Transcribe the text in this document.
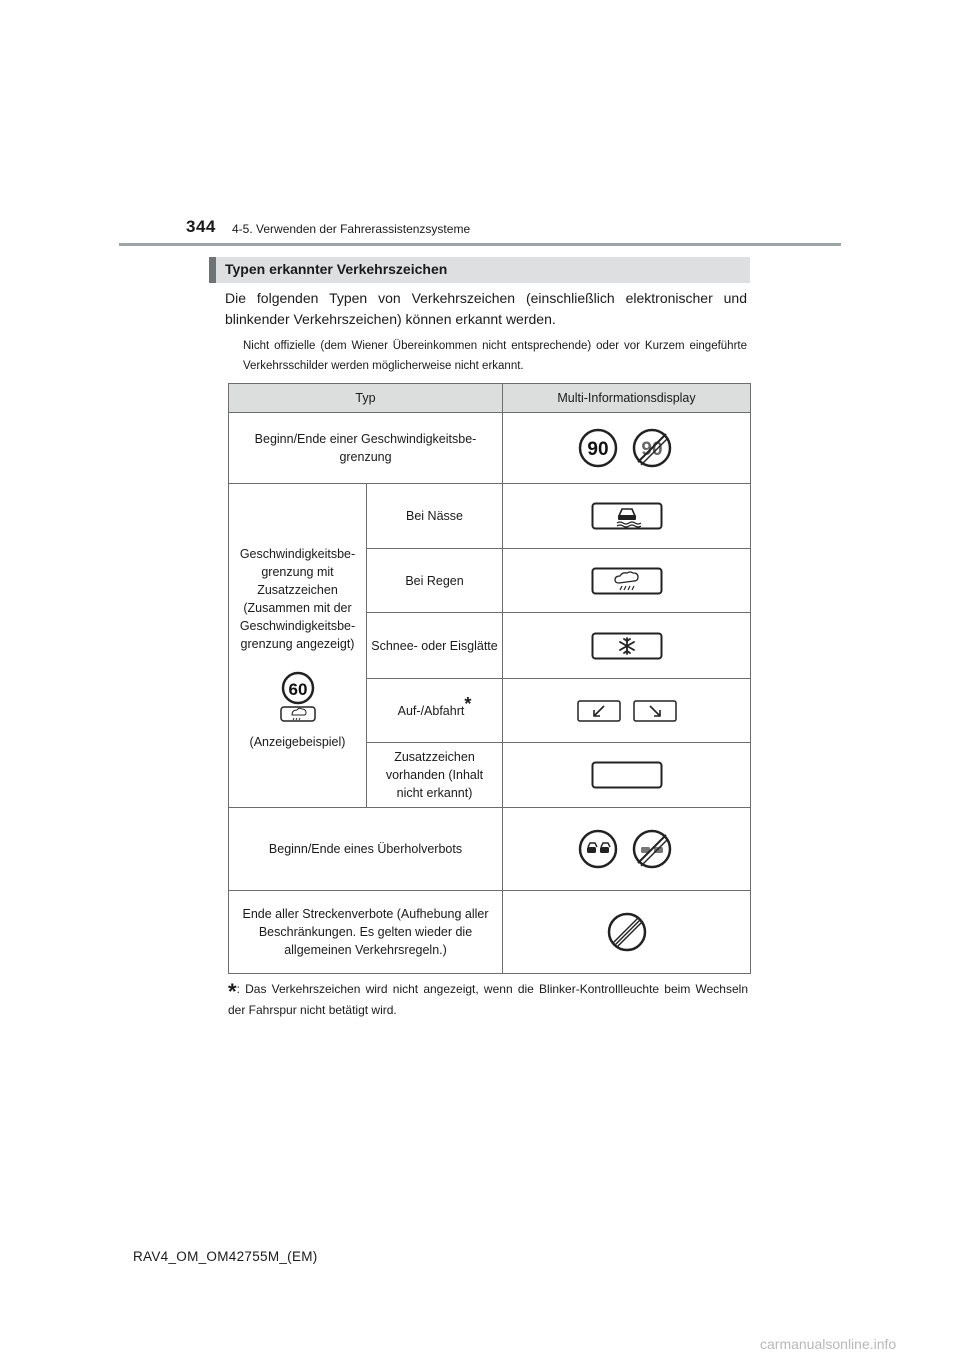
344 4-5. Verwenden der Fahrerassistenzsysteme
Typen erkannter Verkehrszeichen
Die folgenden Typen von Verkehrszeichen (einschließlich elektronischer und blinkender Verkehrszeichen) können erkannt werden.
Nicht offizielle (dem Wiener Übereinkommen nicht entsprechende) oder vor Kurzem eingeführte Verkehrsschilder werden möglicherweise nicht erkannt.
Typ		Multi-Informationsdisplay
Beginn/Ende einer Geschwindigkeitsbe-grenzung		90 90

Geschwindigkeitsbe-grenzung mit Zusatzzeichen (Zusammen mit der Geschwindigkeitsbe-grenzung angezeigt)
60
(Anzeigebeispiel)	Bei Nässe	

	Bei Regen	

	Schnee- oder Eisglätte	

	Auf-/Abfahrt*	

	Zusatzzeichen vorhanden (Inhalt nicht erkannt)	

Beginn/Ende eines Überholverbots	

Ende aller Streckenverbote (Aufhebung aller Beschränkungen. Es gelten wieder die allgemeinen Verkehrsregeln.)	
*: Das Verkehrszeichen wird nicht angezeigt, wenn die Blinker-Kontrollleuchte beim Wechseln der Fahrspur nicht betätigt wird.
RAV4_OM_OM42755M_(EM)
carmanualsonline.info
